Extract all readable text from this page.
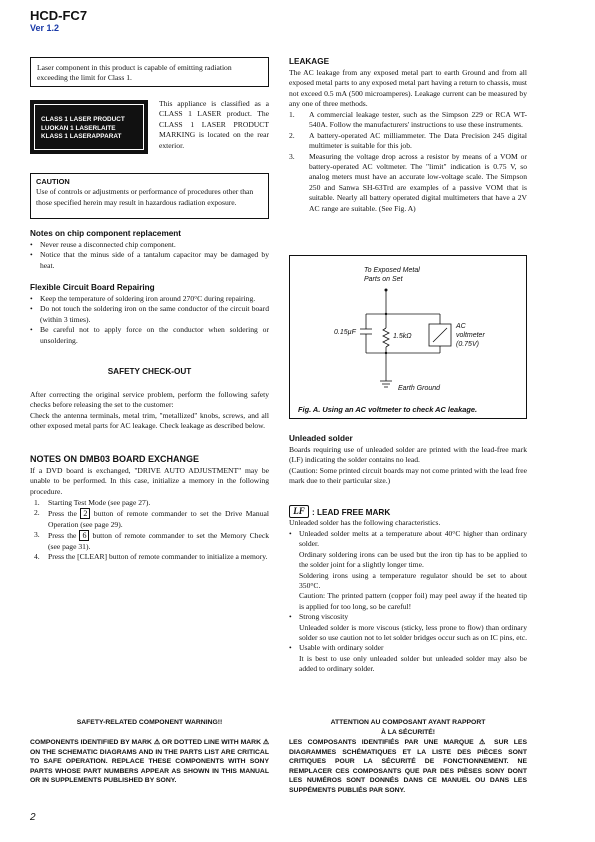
HCD-FC7
Ver 1.2
Laser component in this product is capable of emitting radiation exceeding the limit for Class 1.
CLASS 1 LASER PRODUCT
LUOKAN 1 LASERLAITE
KLASS 1 LASERAPPARAT
This appliance is classified as a CLASS 1 LASER product. The CLASS 1 LASER PRODUCT MARKING is located on the rear exterior.
CAUTION
Use of controls or adjustments or performance of procedures other than those specified herein may result in hazardous radiation exposure.
Notes on chip component replacement
• Never reuse a disconnected chip component.
• Notice that the minus side of a tantalum capacitor may be damaged by heat.
Flexible Circuit Board Repairing
• Keep the temperature of soldering iron around 270°C during repairing.
• Do not touch the soldering iron on the same conductor of the circuit board (within 3 times).
• Be careful not to apply force on the conductor when soldering or unsoldering.
SAFETY CHECK-OUT
After correcting the original service problem, perform the following safety checks before releasing the set to the customer:
Check the antenna terminals, metal trim, "metallized" knobs, screws, and all other exposed metal parts for AC leakage. Check leakage as described below.
NOTES ON DMB03 BOARD EXCHANGE
If a DVD board is exchanged, "DRIVE AUTO ADJUSTMENT" may be unable to be performed. In this case, initialize a memory in the following procedure.
1. Starting Test Mode (see page 27).
2. Press the 2 button of remote commander to set the Drive Manual Operation (see page 29).
3. Press the 6 button of remote commander to set the Memory Check (see page 31).
4. Press the [CLEAR] button of remote commander to initialize a memory.
LEAKAGE
The AC leakage from any exposed metal part to earth Ground and from all exposed metal parts to any exposed metal part having a return to chassis, must not exceed 0.5 mA (500 microamperes). Leakage current can be measured by any one of three methods.
1. A commercial leakage tester, such as the Simpson 229 or RCA WT-540A. Follow the manufacturers' instructions to use these instruments.
2. A battery-operated AC milliammeter. The Data Precision 245 digital multimeter is suitable for this job.
3. Measuring the voltage drop across a resistor by means of a VOM or battery-operated AC voltmeter. The "limit" indication is 0.75 V, so analog meters must have an accurate low-voltage scale. The Simpson 250 and Sanwa SH-63Trd are examples of a passive VOM that is suitable. Nearly all battery operated digital multimeters that have a 2V AC range are suitable. (See Fig. A)
To Exposed Metal
Parts on Set
0.15µF
1.5kΩ
AC
voltmeter
(0.75V)
Earth Ground
Fig. A. Using an AC voltmeter to check AC leakage.
Unleaded solder
Boards requiring use of unleaded solder are printed with the lead-free mark (LF) indicating the solder contains no lead.
(Caution: Some printed circuit boards may not come printed with the lead free mark due to their particular size.)
LF : LEAD FREE MARK
Unleaded solder has the following characteristics.
• Unleaded solder melts at a temperature about 40°C higher than ordinary solder.
Ordinary soldering irons can be used but the iron tip has to be applied to the solder joint for a slightly longer time.
Soldering irons using a temperature regulator should be set to about 350°C.
Caution: The printed pattern (copper foil) may peel away if the heated tip is applied for too long, so be careful!
• Strong viscosity
Unleaded solder is more viscous (sticky, less prone to flow) than ordinary solder so use caution not to let solder bridges occur such as on IC pins, etc.
• Usable with ordinary solder
It is best to use only unleaded solder but unleaded solder may also be added to ordinary solder.
SAFETY-RELATED COMPONENT WARNING!!
COMPONENTS IDENTIFIED BY MARK ⚠ OR DOTTED LINE WITH MARK ⚠ ON THE SCHEMATIC DIAGRAMS AND IN THE PARTS LIST ARE CRITICAL TO SAFE OPERATION. REPLACE THESE COMPONENTS WITH SONY PARTS WHOSE PART NUMBERS APPEAR AS SHOWN IN THIS MANUAL OR IN SUPPLEMENTS PUBLISHED BY SONY.
ATTENTION AU COMPOSANT AYANT RAPPORT
À LA SÉCURITÉ!
LES COMPOSANTS IDENTIFIÉS PAR UNE MARQUE ⚠ SUR LES DIAGRAMMES SCHÉMATIQUES ET LA LISTE DES PIÈCES SONT CRITIQUES POUR LA SÉCURITÉ DE FONCTIONNEMENT. NE REMPLACER CES COMPOSANTS QUE PAR DES PIÈSES SONY DONT LES NUMÉROS SONT DONNÉS DANS CE MANUEL OU DANS LES SUPPÉMENTS PUBLIÉS PAR SONY.
2
